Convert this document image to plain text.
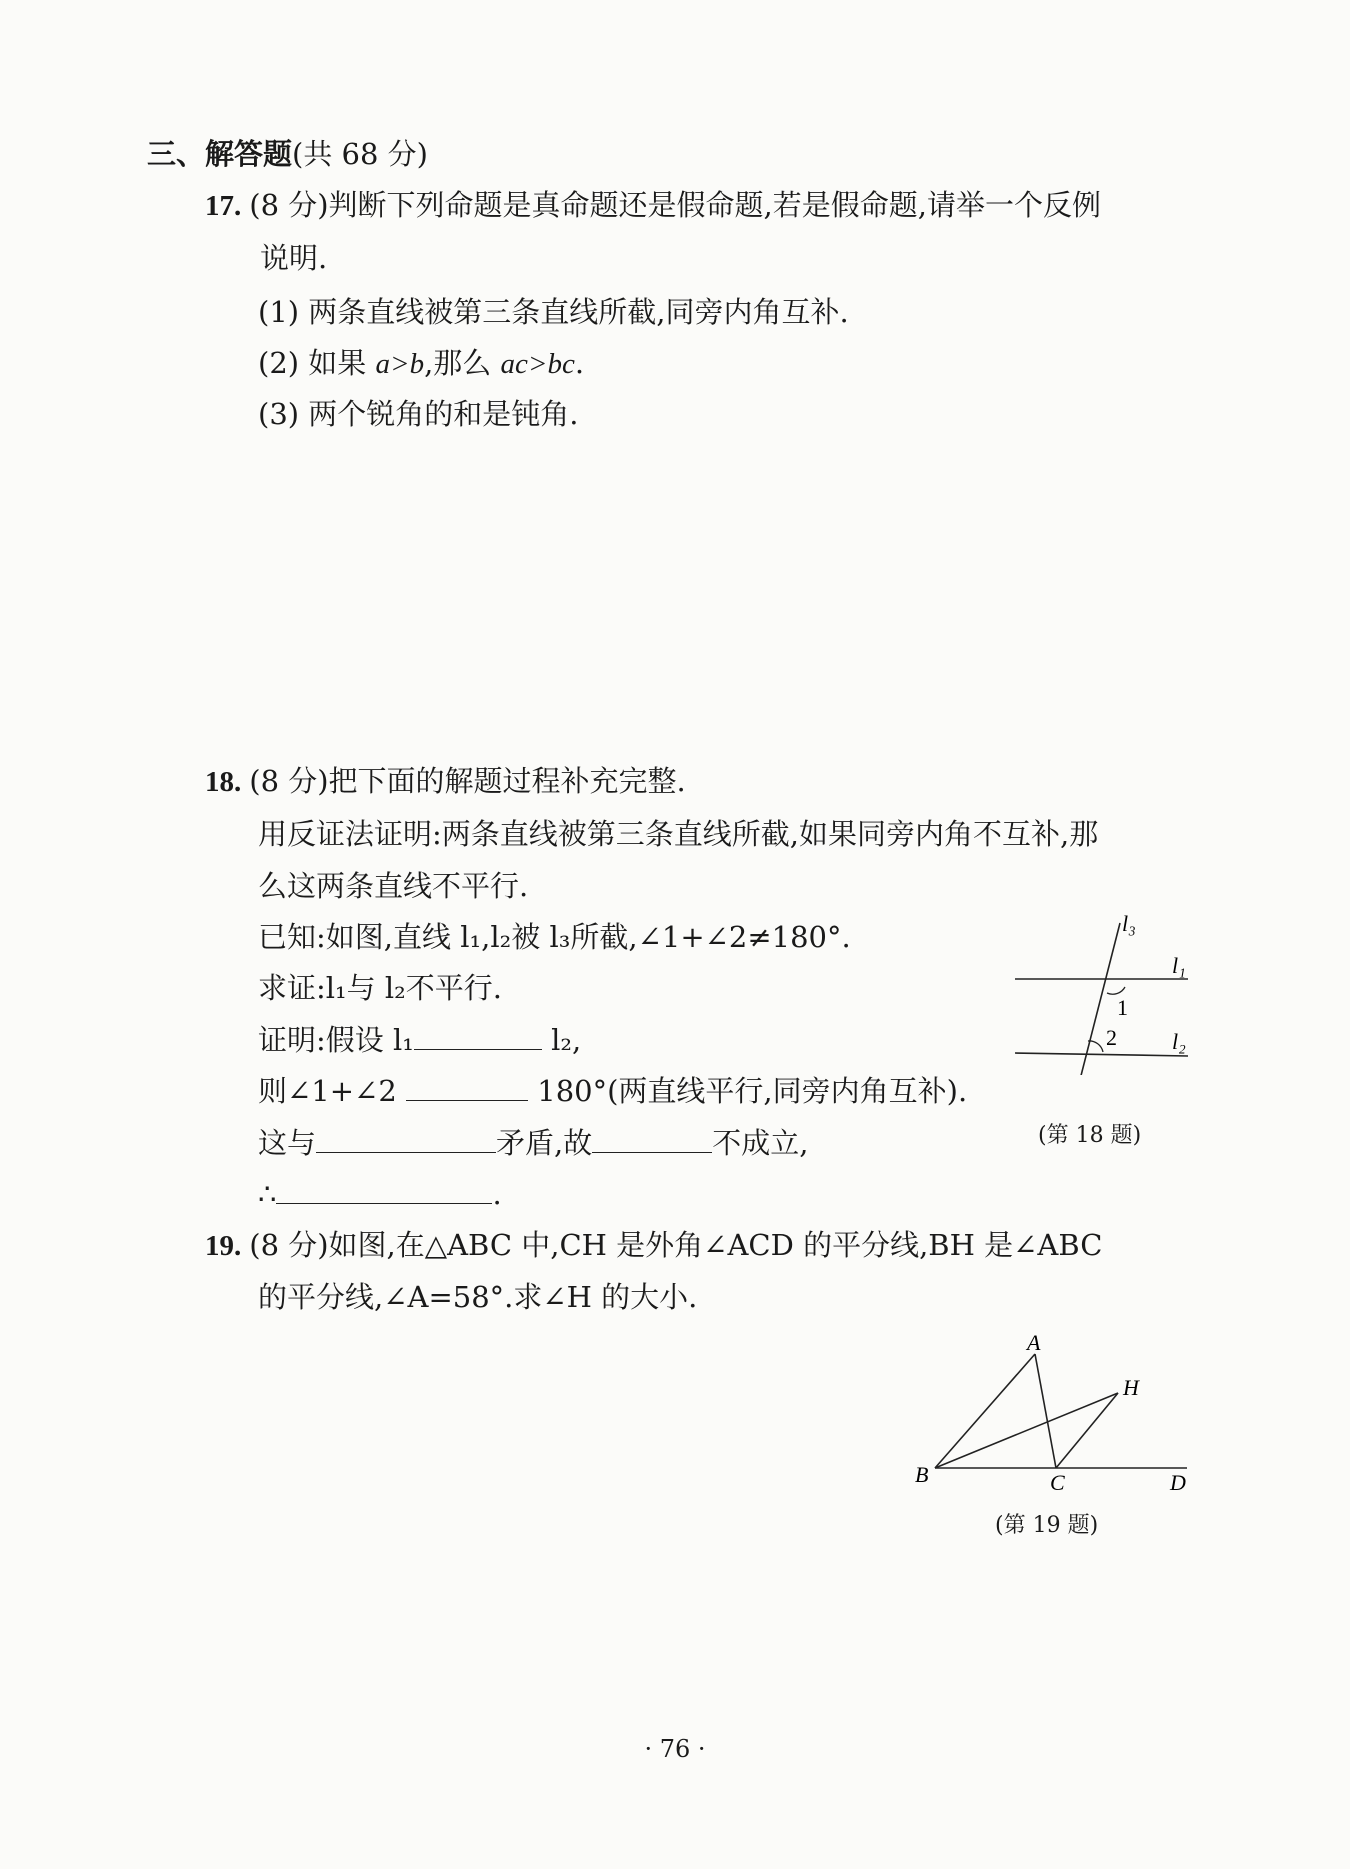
三、解答题(共 68 分)
17. (8 分)判断下列命题是真命题还是假命题,若是假命题,请举一个反例
说明.
(1) 两条直线被第三条直线所截,同旁内角互补.
(2) 如果 a>b,那么 ac>bc.
(3) 两个锐角的和是钝角.
18. (8 分)把下面的解题过程补充完整.
用反证法证明:两条直线被第三条直线所截,如果同旁内角不互补,那
么这两条直线不平行.
已知:如图,直线 l₁,l₂被 l₃所截,∠1+∠2≠180°.
求证:l₁与 l₂不平行.
证明:假设 l₁	l₂,
则∠1+∠2	180°(两直线平行,同旁内角互补).
这与	矛盾,故	不成立,
∴	.
l₃
l₁
l₂
1
2
(第 18 题)
19. (8 分)如图,在△ABC 中,CH 是外角∠ACD 的平分线,BH 是∠ABC
的平分线,∠A=58°.求∠H 的大小.
A
H
B	C	D
(第 19 题)
· 76 ·
